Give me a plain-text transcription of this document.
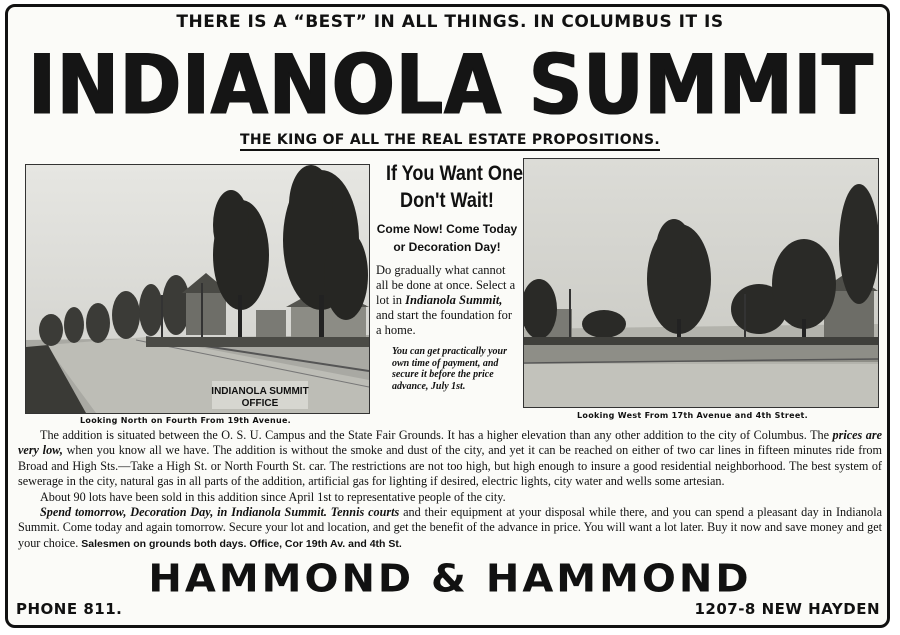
THERE IS A “BEST” IN ALL THINGS. IN COLUMBUS IT IS
INDIANOLA SUMMIT
THE KING OF ALL THE REAL ESTATE PROPOSITIONS.
INDIANOLA SUMMIT
OFFICE
Looking North on Fourth From 19th Avenue.
If You Want One
Don't Wait!
Come Now! Come Today
or Decoration Day!
Do gradually what cannot all be done at once. Select a lot in Indianola Summit, and start the foundation for a home.
You can get practically your own time of payment, and secure it before the price advance, July 1st.
Looking West From 17th Avenue and 4th Street.

The addition is situated between the O. S. U. Campus and the State Fair Grounds. It has a higher elevation than any other addition to the city of Columbus. The prices are very low, when you know all we have. The addition is without the smoke and dust of the city, and yet it can be reached on either of two car lines in fifteen minutes ride from Broad and High Sts.—Take a High St. or North Fourth St. car. The restrictions are not too high, but high enough to insure a good residential neighborhood. The best system of sewerage in the city, natural gas in all parts of the addition, artificial gas for lighting if desired, electric lights, city water and wells some artesian.

About 90 lots have been sold in this addition since April 1st to representative people of the city.

Spend tomorrow, Decoration Day, in Indianola Summit. Tennis courts and their equipment at your disposal while there, and you can spend a pleasant day in Indianola Summit. Come today and again tomorrow. Secure your lot and location, and get the benefit of the advance in price. You will want a lot later. Buy it now and save money and get your choice. Salesmen on grounds both days. Office, Cor 19th Av. and 4th St.

HAMMOND & HAMMOND
PHONE 811.	1207-8 NEW HAYDEN
